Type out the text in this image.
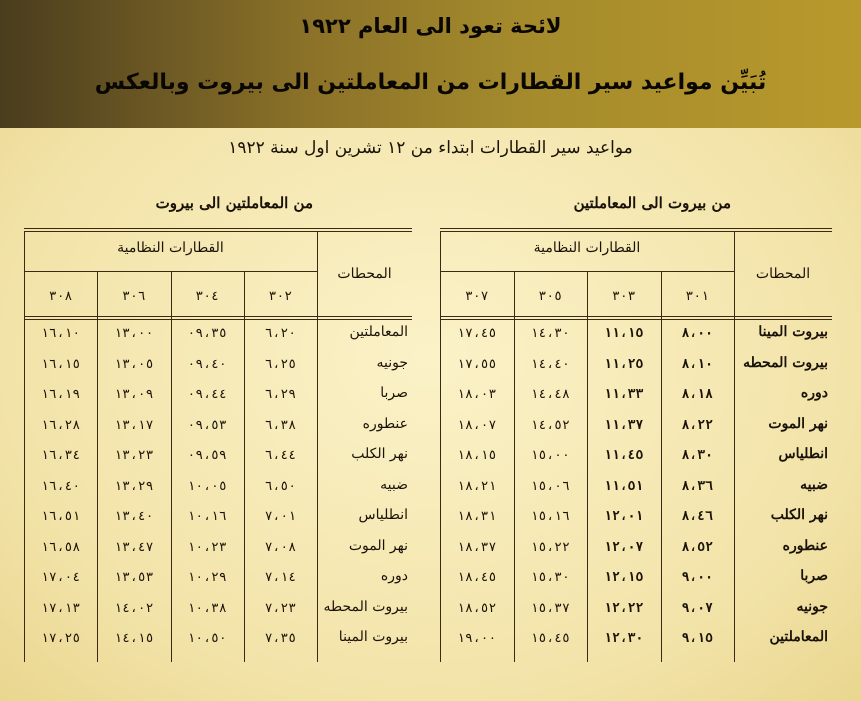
لائحة تعود الى العام ١٩٢٢
تُبَيِّن مواعيد سير القطارات من المعاملتين الى بيروت وبالعكس
مواعيد سير القطارات ابتداء من ١٢ تشرين اول سنة ١٩٢٢
من بيروت الى المعاملتين
من المعاملتين الى بيروت
المحطات
القطارات النظامية
٣٠١
٣٠٣
٣٠٥
٣٠٧
بيروت المينا
٨،٠٠
١١،١٥
١٤،٣٠
١٧،٤٥
بيروت المحطه
٨،١٠
١١،٢٥
١٤،٤٠
١٧،٥٥
دوره
٨،١٨
١١،٣٣
١٤،٤٨
١٨،٠٣
نهر الموت
٨،٢٢
١١،٣٧
١٤،٥٢
١٨،٠٧
انطلياس
٨،٣٠
١١،٤٥
١٥،٠٠
١٨،١٥
ضبيه
٨،٣٦
١١،٥١
١٥،٠٦
١٨،٢١
نهر الكلب
٨،٤٦
١٢،٠١
١٥،١٦
١٨،٣١
عنطوره
٨،٥٢
١٢،٠٧
١٥،٢٢
١٨،٣٧
صربا
٩،٠٠
١٢،١٥
١٥،٣٠
١٨،٤٥
جونيه
٩،٠٧
١٢،٢٢
١٥،٣٧
١٨،٥٢
المعاملتين
٩،١٥
١٢،٣٠
١٥،٤٥
١٩،٠٠
المحطات
القطارات النظامية
٣٠٢
٣٠٤
٣٠٦
٣٠٨
المعاملتين
٦،٢٠
٠٩،٣٥
١٣،٠٠
١٦،١٠
جونيه
٦،٢٥
٠٩،٤٠
١٣،٠٥
١٦،١٥
صربا
٦،٢٩
٠٩،٤٤
١٣،٠٩
١٦،١٩
عنطوره
٦،٣٨
٠٩،٥٣
١٣،١٧
١٦،٢٨
نهر الكلب
٦،٤٤
٠٩،٥٩
١٣،٢٣
١٦،٣٤
ضبيه
٦،٥٠
١٠،٠٥
١٣،٢٩
١٦،٤٠
انطلياس
٧،٠١
١٠،١٦
١٣،٤٠
١٦،٥١
نهر الموت
٧،٠٨
١٠،٢٣
١٣،٤٧
١٦،٥٨
دوره
٧،١٤
١٠،٢٩
١٣،٥٣
١٧،٠٤
بيروت المحطه
٧،٢٣
١٠،٣٨
١٤،٠٢
١٧،١٣
بيروت المينا
٧،٣٥
١٠،٥٠
١٤،١٥
١٧،٢٥
